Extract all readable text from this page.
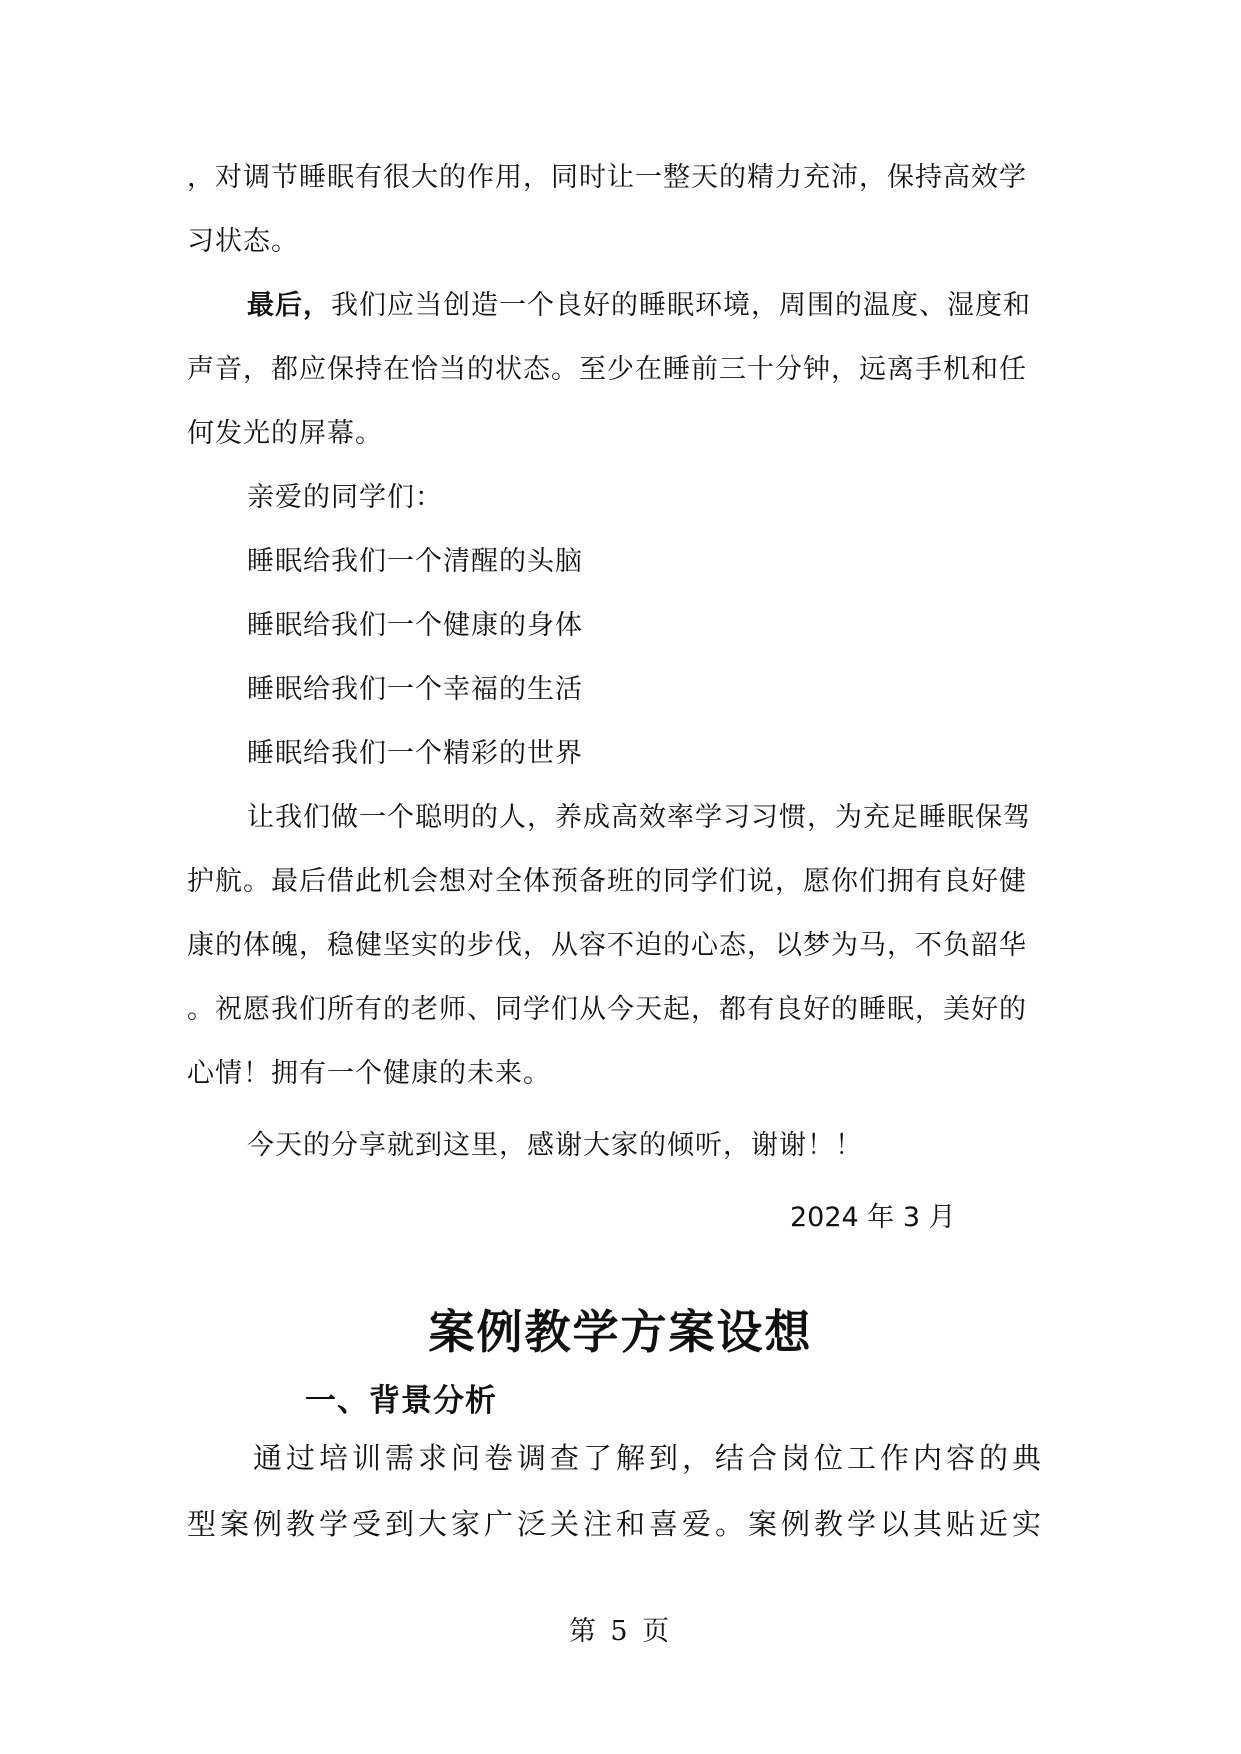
，对调节睡眠有很大的作用，同时让一整天的精力充沛，保持高效学
习状态。
最后，我们应当创造一个良好的睡眠环境，周围的温度、湿度和
声音，都应保持在恰当的状态。至少在睡前三十分钟，远离手机和任
何发光的屏幕。
亲爱的同学们：
睡眠给我们一个清醒的头脑
睡眠给我们一个健康的身体
睡眠给我们一个幸福的生活
睡眠给我们一个精彩的世界
让我们做一个聪明的人，养成高效率学习习惯，为充足睡眠保驾
护航。最后借此机会想对全体预备班的同学们说，愿你们拥有良好健
康的体魄，稳健坚实的步伐，从容不迫的心态，以梦为马，不负韶华
。祝愿我们所有的老师、同学们从今天起，都有良好的睡眠，美好的
心情！拥有一个健康的未来。
今天的分享就到这里，感谢大家的倾听，谢谢！！
2024 年 3 月
案例教学方案设想
一、背景分析
通过培训需求问卷调查了解到，结合岗位工作内容的典
型案例教学受到大家广泛关注和喜爱。案例教学以其贴近实
第 5 页
